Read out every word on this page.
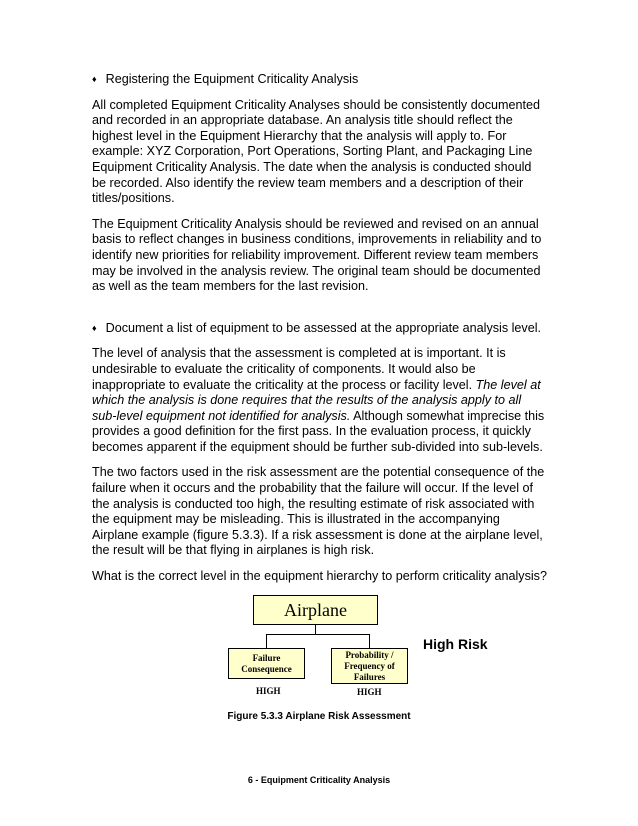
♦ Registering the Equipment Criticality Analysis

All completed Equipment Criticality Analyses should be consistently documented and recorded in an appropriate database. An analysis title should reflect the highest level in the Equipment Hierarchy that the analysis will apply to. For example: XYZ Corporation, Port Operations, Sorting Plant, and Packaging Line Equipment Criticality Analysis. The date when the analysis is conducted should be recorded. Also identify the review team members and a description of their titles/positions.

The Equipment Criticality Analysis should be reviewed and revised on an annual basis to reflect changes in business conditions, improvements in reliability and to identify new priorities for reliability improvement. Different review team members may be involved in the analysis review. The original team should be documented as well as the team members for the last revision.

♦ Document a list of equipment to be assessed at the appropriate analysis level.

The level of analysis that the assessment is completed at is important. It is undesirable to evaluate the criticality of components. It would also be inappropriate to evaluate the criticality at the process or facility level. The level at which the analysis is done requires that the results of the analysis apply to all sub-level equipment not identified for analysis. Although somewhat imprecise this provides a good definition for the first pass. In the evaluation process, it quickly becomes apparent if the equipment should be further sub-divided into sub-levels.

The two factors used in the risk assessment are the potential consequence of the failure when it occurs and the probability that the failure will occur. If the level of the analysis is conducted too high, the resulting estimate of risk associated with the equipment may be misleading. This is illustrated in the accompanying Airplane example (figure 5.3.3). If a risk assessment is done at the airplane level, the result will be that flying in airplanes is high risk.

What is the correct level in the equipment hierarchy to perform criticality analysis?

Airplane
Failure
Consequence
Probability /
Frequency of
Failures
HIGH	HIGH
High Risk
Figure 5.3.3 Airplane Risk Assessment
6 - Equipment Criticality Analysis
